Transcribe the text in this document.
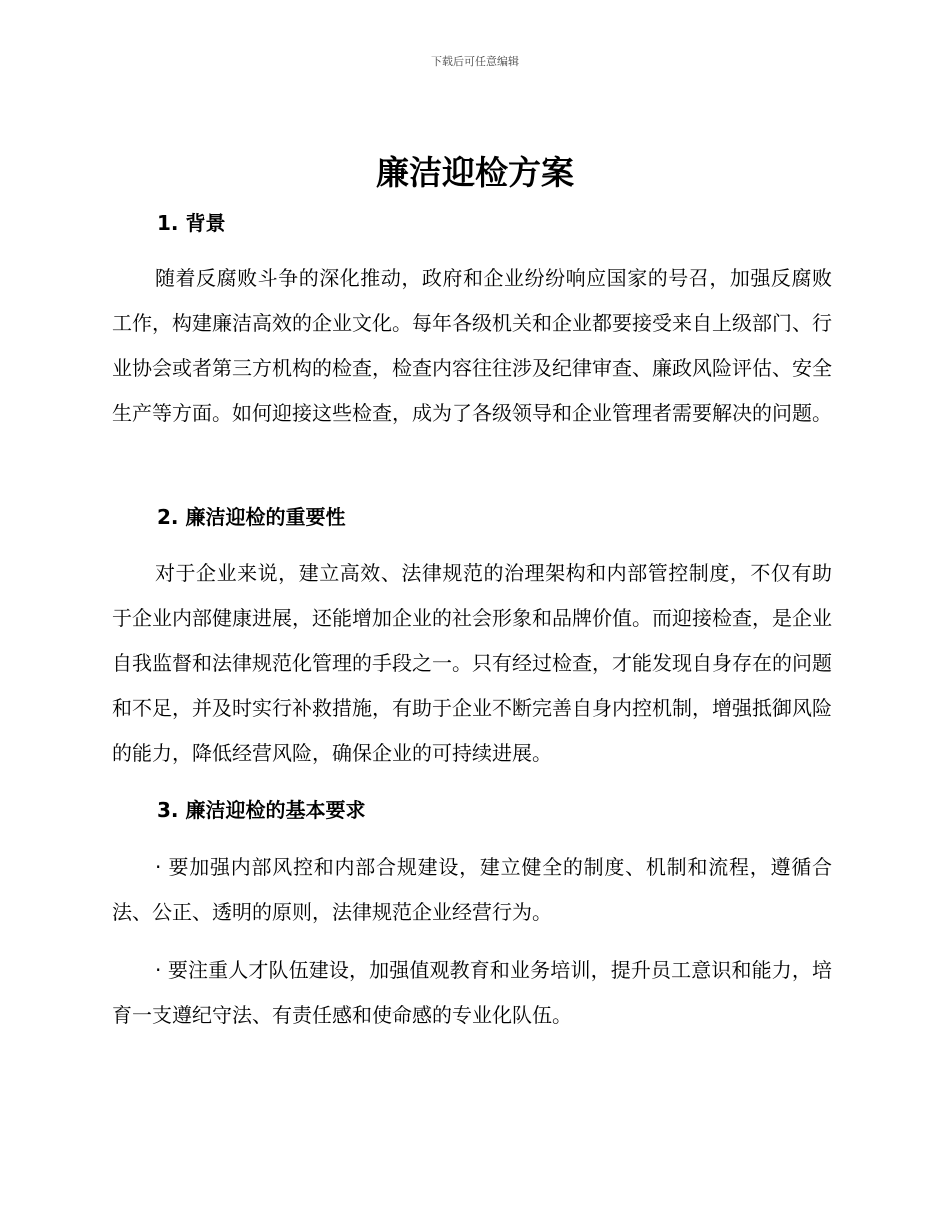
下载后可任意编辑
廉洁迎检方案
1. 背景

随着反腐败斗争的深化推动，政府和企业纷纷响应国家的号召，加强反腐败工作，构建廉洁高效的企业文化。每年各级机关和企业都要接受来自上级部门、行业协会或者第三方机构的检查，检查内容往往涉及纪律审查、廉政风险评估、安全生产等方面。如何迎接这些检查，成为了各级领导和企业管理者需要解决的问题。

2. 廉洁迎检的重要性

对于企业来说，建立高效、法律规范的治理架构和内部管控制度，不仅有助于企业内部健康进展，还能增加企业的社会形象和品牌价值。而迎接检查，是企业自我监督和法律规范化管理的手段之一。只有经过检查，才能发现自身存在的问题和不足，并及时实行补救措施，有助于企业不断完善自身内控机制，增强抵御风险的能力，降低经营风险，确保企业的可持续进展。

3. 廉洁迎检的基本要求

· 要加强内部风控和内部合规建设，建立健全的制度、机制和流程，遵循合法、公正、透明的原则，法律规范企业经营行为。

· 要注重人才队伍建设，加强值观教育和业务培训，提升员工意识和能力，培育一支遵纪守法、有责任感和使命感的专业化队伍。
